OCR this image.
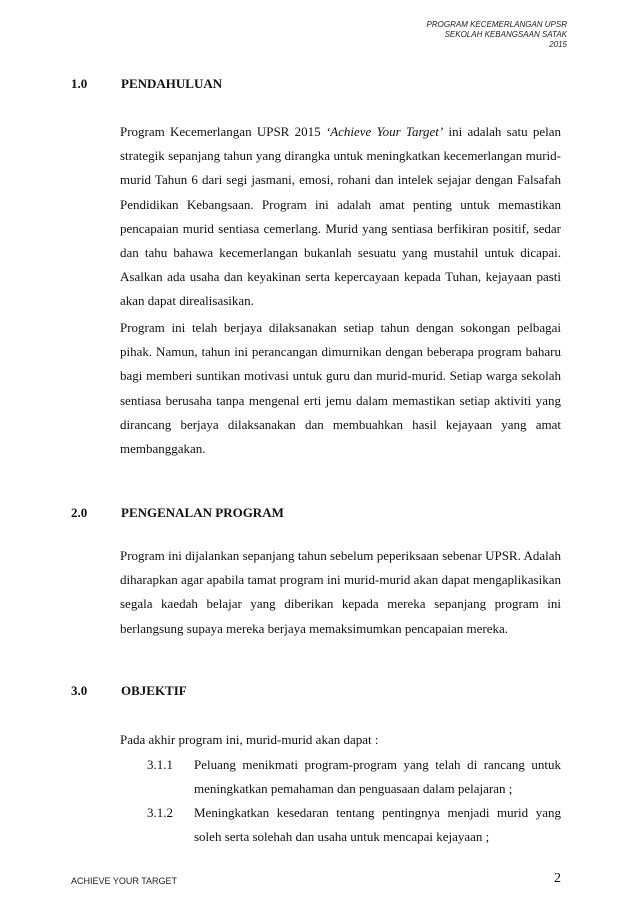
PROGRAM KECEMERLANGAN UPSR
SEKOLAH KEBANGSAAN SATAK
2015
1.0	PENDAHULUAN

Program Kecemerlangan UPSR 2015 ‘Achieve Your Target’ ini adalah satu pelan strategik sepanjang tahun yang dirangka untuk meningkatkan kecemerlangan murid-murid Tahun 6 dari segi jasmani, emosi, rohani dan intelek sejajar dengan Falsafah Pendidikan Kebangsaan. Program ini adalah amat penting untuk memastikan pencapaian murid sentiasa cemerlang. Murid yang sentiasa berfikiran positif, sedar dan tahu bahawa kecemerlangan bukanlah sesuatu yang mustahil untuk dicapai. Asalkan ada usaha dan keyakinan serta kepercayaan kepada Tuhan, kejayaan pasti akan dapat direalisasikan.

Program ini telah berjaya dilaksanakan setiap tahun dengan sokongan pelbagai pihak. Namun, tahun ini perancangan dimurnikan dengan beberapa program baharu bagi memberi suntikan motivasi untuk guru dan murid-murid. Setiap warga sekolah sentiasa berusaha tanpa mengenal erti jemu dalam memastikan setiap aktiviti yang dirancang berjaya dilaksanakan dan membuahkan hasil kejayaan yang amat membanggakan.

2.0	PENGENALAN PROGRAM

Program ini dijalankan sepanjang tahun sebelum peperiksaan sebenar UPSR. Adalah diharapkan agar apabila tamat program ini murid-murid akan dapat mengaplikasikan segala kaedah belajar yang diberikan kepada mereka sepanjang program ini berlangsung supaya mereka berjaya memaksimumkan pencapaian mereka.

3.0	OBJEKTIF

Pada akhir program ini, murid-murid akan dapat :

3.1.1 Peluang menikmati program-program yang telah di rancang untuk meningkatkan pemahaman dan penguasaan dalam pelajaran ;
3.1.2 Meningkatkan kesedaran tentang pentingnya menjadi murid yang soleh serta solehah dan usaha untuk mencapai kejayaan ;
ACHIEVE YOUR TARGET	2
